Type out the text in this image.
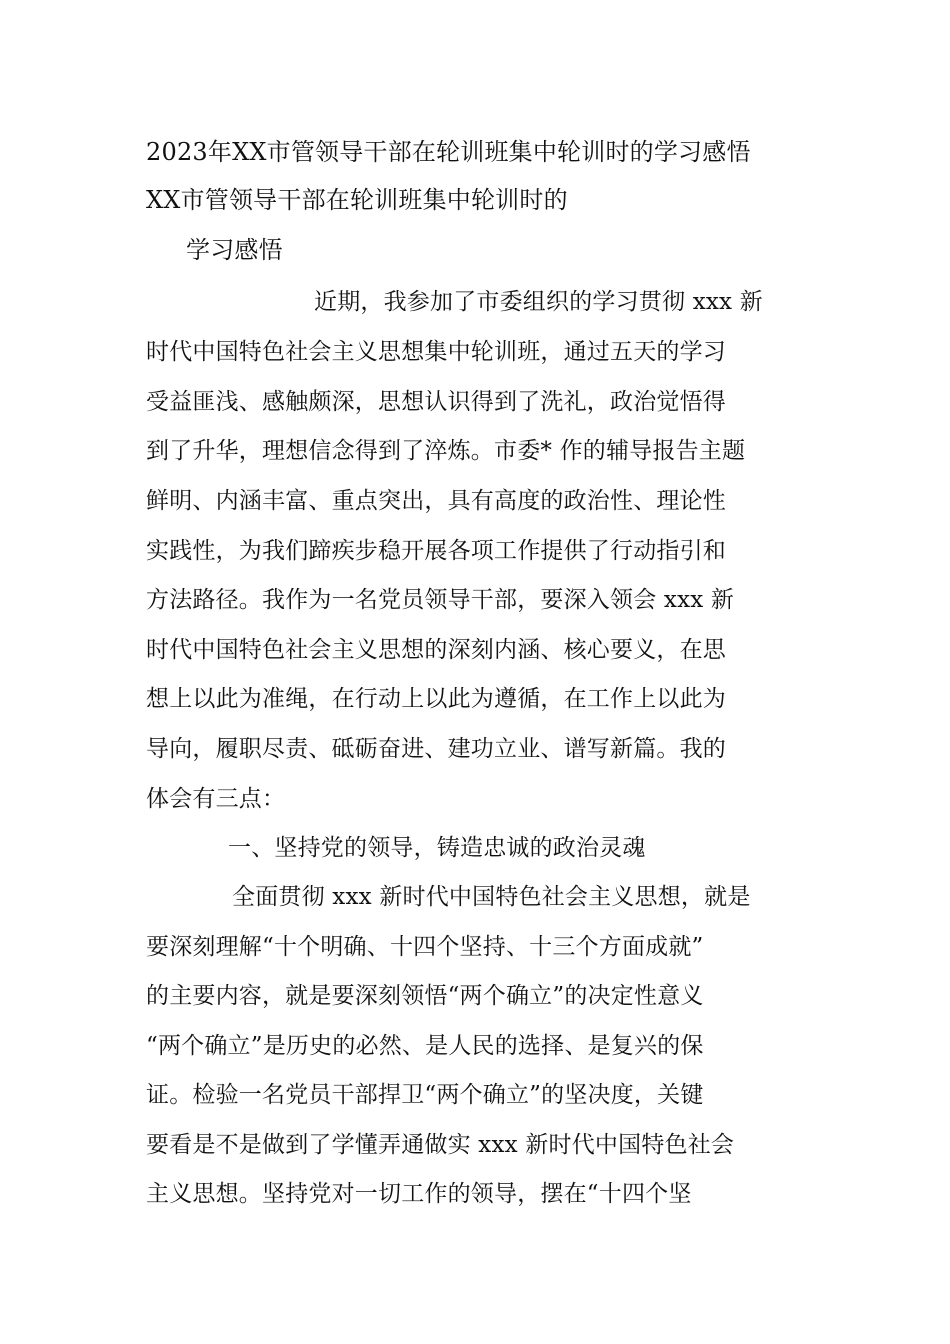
2023年XX市管领导干部在轮训班集中轮训时的学习感悟
XX市管领导干部在轮训班集中轮训时的
学习感悟
近期，我参加了市委组织的学习贯彻 xxx 新
时代中国特色社会主义思想集中轮训班，通过五天的学习
受益匪浅、感触颇深，思想认识得到了洗礼，政治觉悟得
到了升华，理想信念得到了淬炼。市委* 作的辅导报告主题
鲜明、内涵丰富、重点突出，具有高度的政治性、理论性
实践性，为我们蹄疾步稳开展各项工作提供了行动指引和
方法路径。我作为一名党员领导干部，要深入领会 xxx 新
时代中国特色社会主义思想的深刻内涵、核心要义，在思
想上以此为准绳，在行动上以此为遵循，在工作上以此为
导向，履职尽责、砥砺奋进、建功立业、谱写新篇。我的
体会有三点：
一、坚持党的领导，铸造忠诚的政治灵魂
全面贯彻 xxx 新时代中国特色社会主义思想，就是
要深刻理解“十个明确、十四个坚持、十三个方面成就”
的主要内容，就是要深刻领悟“两个确立”的决定性意义
“两个确立”是历史的必然、是人民的选择、是复兴的保
证。检验一名党员干部捍卫“两个确立”的坚决度，关键
要看是不是做到了学懂弄通做实 xxx 新时代中国特色社会
主义思想。坚持党对一切工作的领导，摆在“十四个坚
